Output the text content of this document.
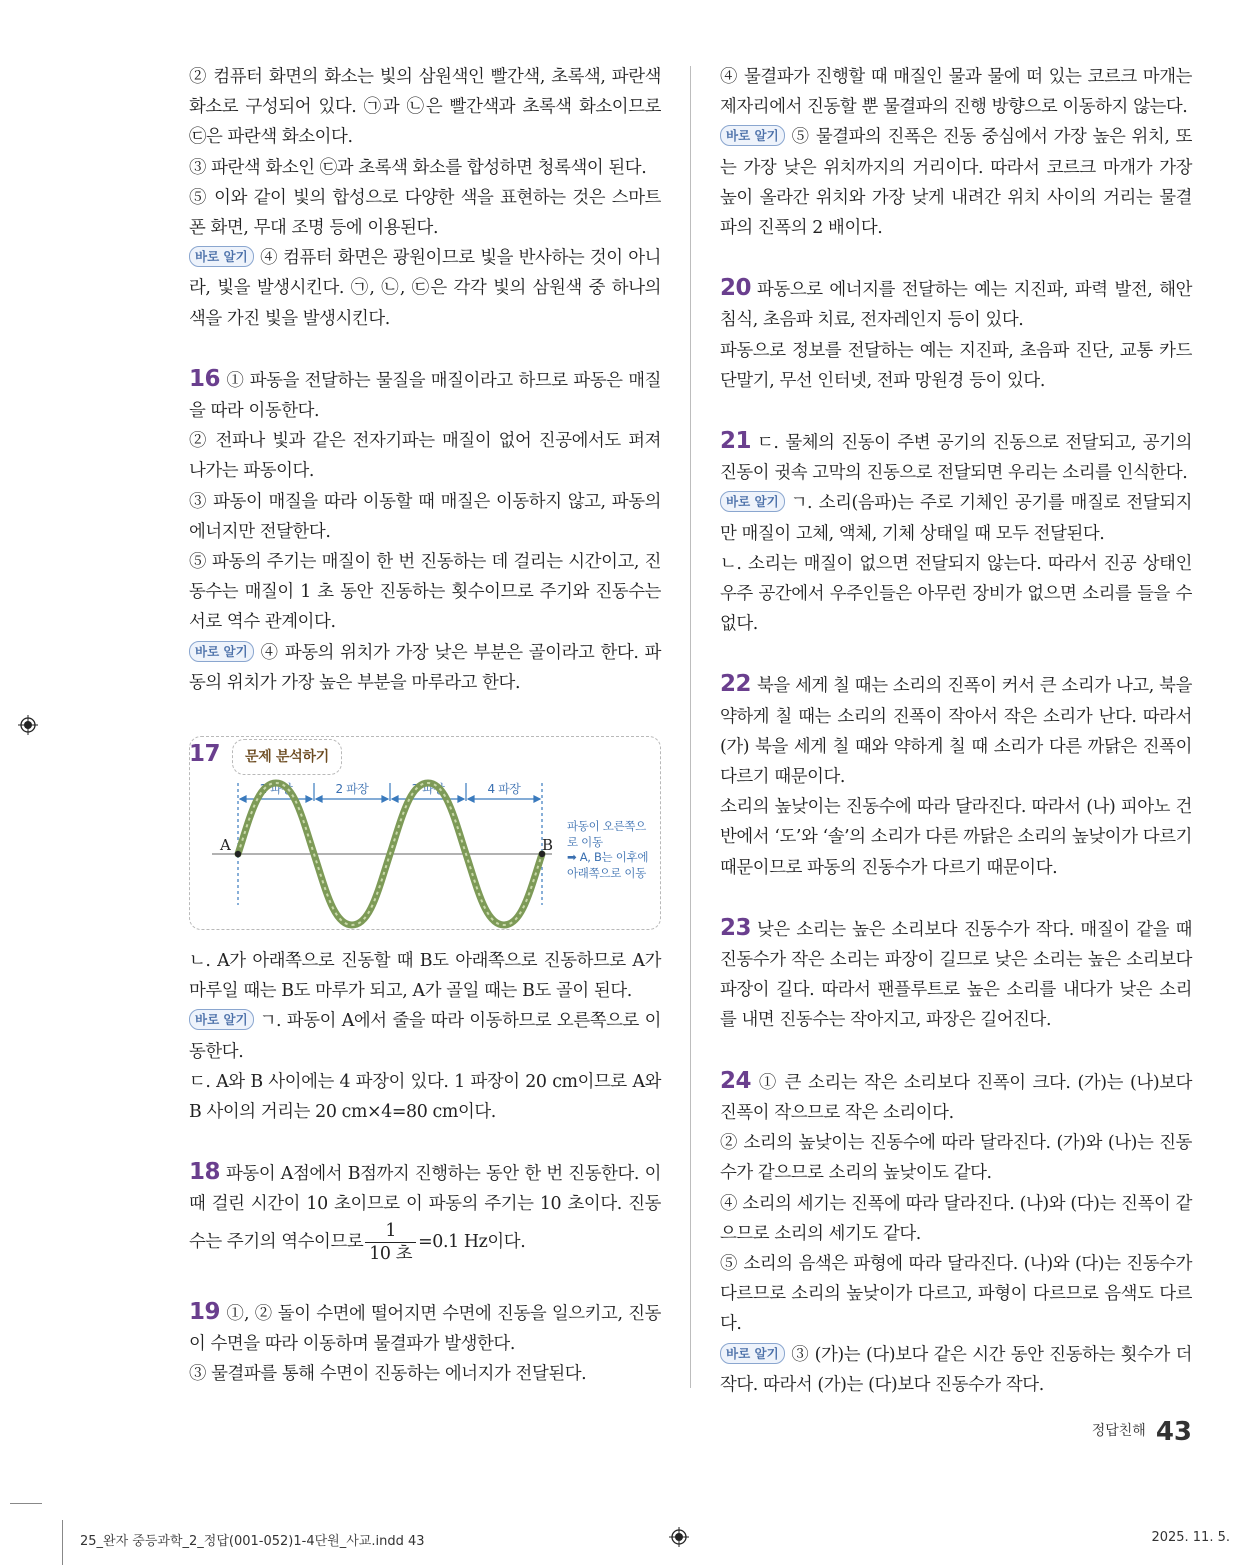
② 컴퓨터 화면의 화소는 빛의 삼원색인 빨간색, 초록색, 파란색 화소로 구성되어 있다. ㉠과 ㉡은 빨간색과 초록색 화소이므로 ㉢은 파란색 화소이다.

③ 파란색 화소인 ㉢과 초록색 화소를 합성하면 청록색이 된다.

⑤ 이와 같이 빛의 합성으로 다양한 색을 표현하는 것은 스마트폰 화면, 무대 조명 등에 이용된다.

바로 알기 ④ 컴퓨터 화면은 광원이므로 빛을 반사하는 것이 아니라, 빛을 발생시킨다. ㉠, ㉡, ㉢은 각각 빛의 삼원색 중 하나의 색을 가진 빛을 발생시킨다.

16 ① 파동을 전달하는 물질을 매질이라고 하므로 파동은 매질을 따라 이동한다.

② 전파나 빛과 같은 전자기파는 매질이 없어 진공에서도 퍼져 나가는 파동이다.

③ 파동이 매질을 따라 이동할 때 매질은 이동하지 않고, 파동의 에너지만 전달한다.

⑤ 파동의 주기는 매질이 한 번 진동하는 데 걸리는 시간이고, 진동수는 매질이 1 초 동안 진동하는 횟수이므로 주기와 진동수는 서로 역수 관계이다.

바로 알기 ④ 파동의 위치가 가장 낮은 부분은 골이라고 한다. 파동의 위치가 가장 높은 부분을 마루라고 한다.

17	문제 분석하기
1 파장	2 파장	3 파장	4 파장
A	B
파동이 오른쪽으로 이동
➡ A, B는 이후에 아래쪽으로 이동

ㄴ. A가 아래쪽으로 진동할 때 B도 아래쪽으로 진동하므로 A가 마루일 때는 B도 마루가 되고, A가 골일 때는 B도 골이 된다.

바로 알기 ㄱ. 파동이 A에서 줄을 따라 이동하므로 오른쪽으로 이동한다.

ㄷ. A와 B 사이에는 4 파장이 있다. 1 파장이 20 cm이므로 A와 B 사이의 거리는 20 cm×4=80 cm이다.

18 파동이 A점에서 B점까지 진행하는 동안 한 번 진동한다. 이때 걸린 시간이 10 초이므로 이 파동의 주기는 10 초이다. 진동수는 주기의 역수이므로 $\frac{1}{\text{10 초}} =0.1$ Hz이다.

19 ①, ② 돌이 수면에 떨어지면 수면에 진동을 일으키고, 진동이 수면을 따라 이동하며 물결파가 발생한다.

③ 물결파를 통해 수면이 진동하는 에너지가 전달된다.

④ 물결파가 진행할 때 매질인 물과 물에 떠 있는 코르크 마개는 제자리에서 진동할 뿐 물결파의 진행 방향으로 이동하지 않는다.

바로 알기 ⑤ 물결파의 진폭은 진동 중심에서 가장 높은 위치, 또는 가장 낮은 위치까지의 거리이다. 따라서 코르크 마개가 가장 높이 올라간 위치와 가장 낮게 내려간 위치 사이의 거리는 물결파의 진폭의 2 배이다.

20 파동으로 에너지를 전달하는 예는 지진파, 파력 발전, 해안 침식, 초음파 치료, 전자레인지 등이 있다.

파동으로 정보를 전달하는 예는 지진파, 초음파 진단, 교통 카드 단말기, 무선 인터넷, 전파 망원경 등이 있다.

21 ㄷ. 물체의 진동이 주변 공기의 진동으로 전달되고, 공기의 진동이 귓속 고막의 진동으로 전달되면 우리는 소리를 인식한다.

바로 알기 ㄱ. 소리(음파)는 주로 기체인 공기를 매질로 전달되지만 매질이 고체, 액체, 기체 상태일 때 모두 전달된다.

ㄴ. 소리는 매질이 없으면 전달되지 않는다. 따라서 진공 상태인 우주 공간에서 우주인들은 아무런 장비가 없으면 소리를 들을 수 없다.

22 북을 세게 칠 때는 소리의 진폭이 커서 큰 소리가 나고, 북을 약하게 칠 때는 소리의 진폭이 작아서 작은 소리가 난다. 따라서 (가) 북을 세게 칠 때와 약하게 칠 때 소리가 다른 까닭은 진폭이 다르기 때문이다.

소리의 높낮이는 진동수에 따라 달라진다. 따라서 (나) 피아노 건반에서 ‘도’와 ‘솔’의 소리가 다른 까닭은 소리의 높낮이가 다르기 때문이므로 파동의 진동수가 다르기 때문이다.

23 낮은 소리는 높은 소리보다 진동수가 작다. 매질이 같을 때 진동수가 작은 소리는 파장이 길므로 낮은 소리는 높은 소리보다 파장이 길다. 따라서 팬플루트로 높은 소리를 내다가 낮은 소리를 내면 진동수는 작아지고, 파장은 길어진다.

24 ① 큰 소리는 작은 소리보다 진폭이 크다. (가)는 (나)보다 진폭이 작으므로 작은 소리이다.

② 소리의 높낮이는 진동수에 따라 달라진다. (가)와 (나)는 진동수가 같으므로 소리의 높낮이도 같다.

④ 소리의 세기는 진폭에 따라 달라진다. (나)와 (다)는 진폭이 같으므로 소리의 세기도 같다.

⑤ 소리의 음색은 파형에 따라 달라진다. (나)와 (다)는 진동수가 다르므로 소리의 높낮이가 다르고, 파형이 다르므로 음색도 다르다.

바로 알기 ③ (가)는 (다)보다 같은 시간 동안 진동하는 횟수가 더 작다. 따라서 (가)는 (다)보다 진동수가 작다.

정답친해 43
25_완자 중등과학_2_정답(001-052)1-4단원_사교.indd 43	2025. 11. 5.
